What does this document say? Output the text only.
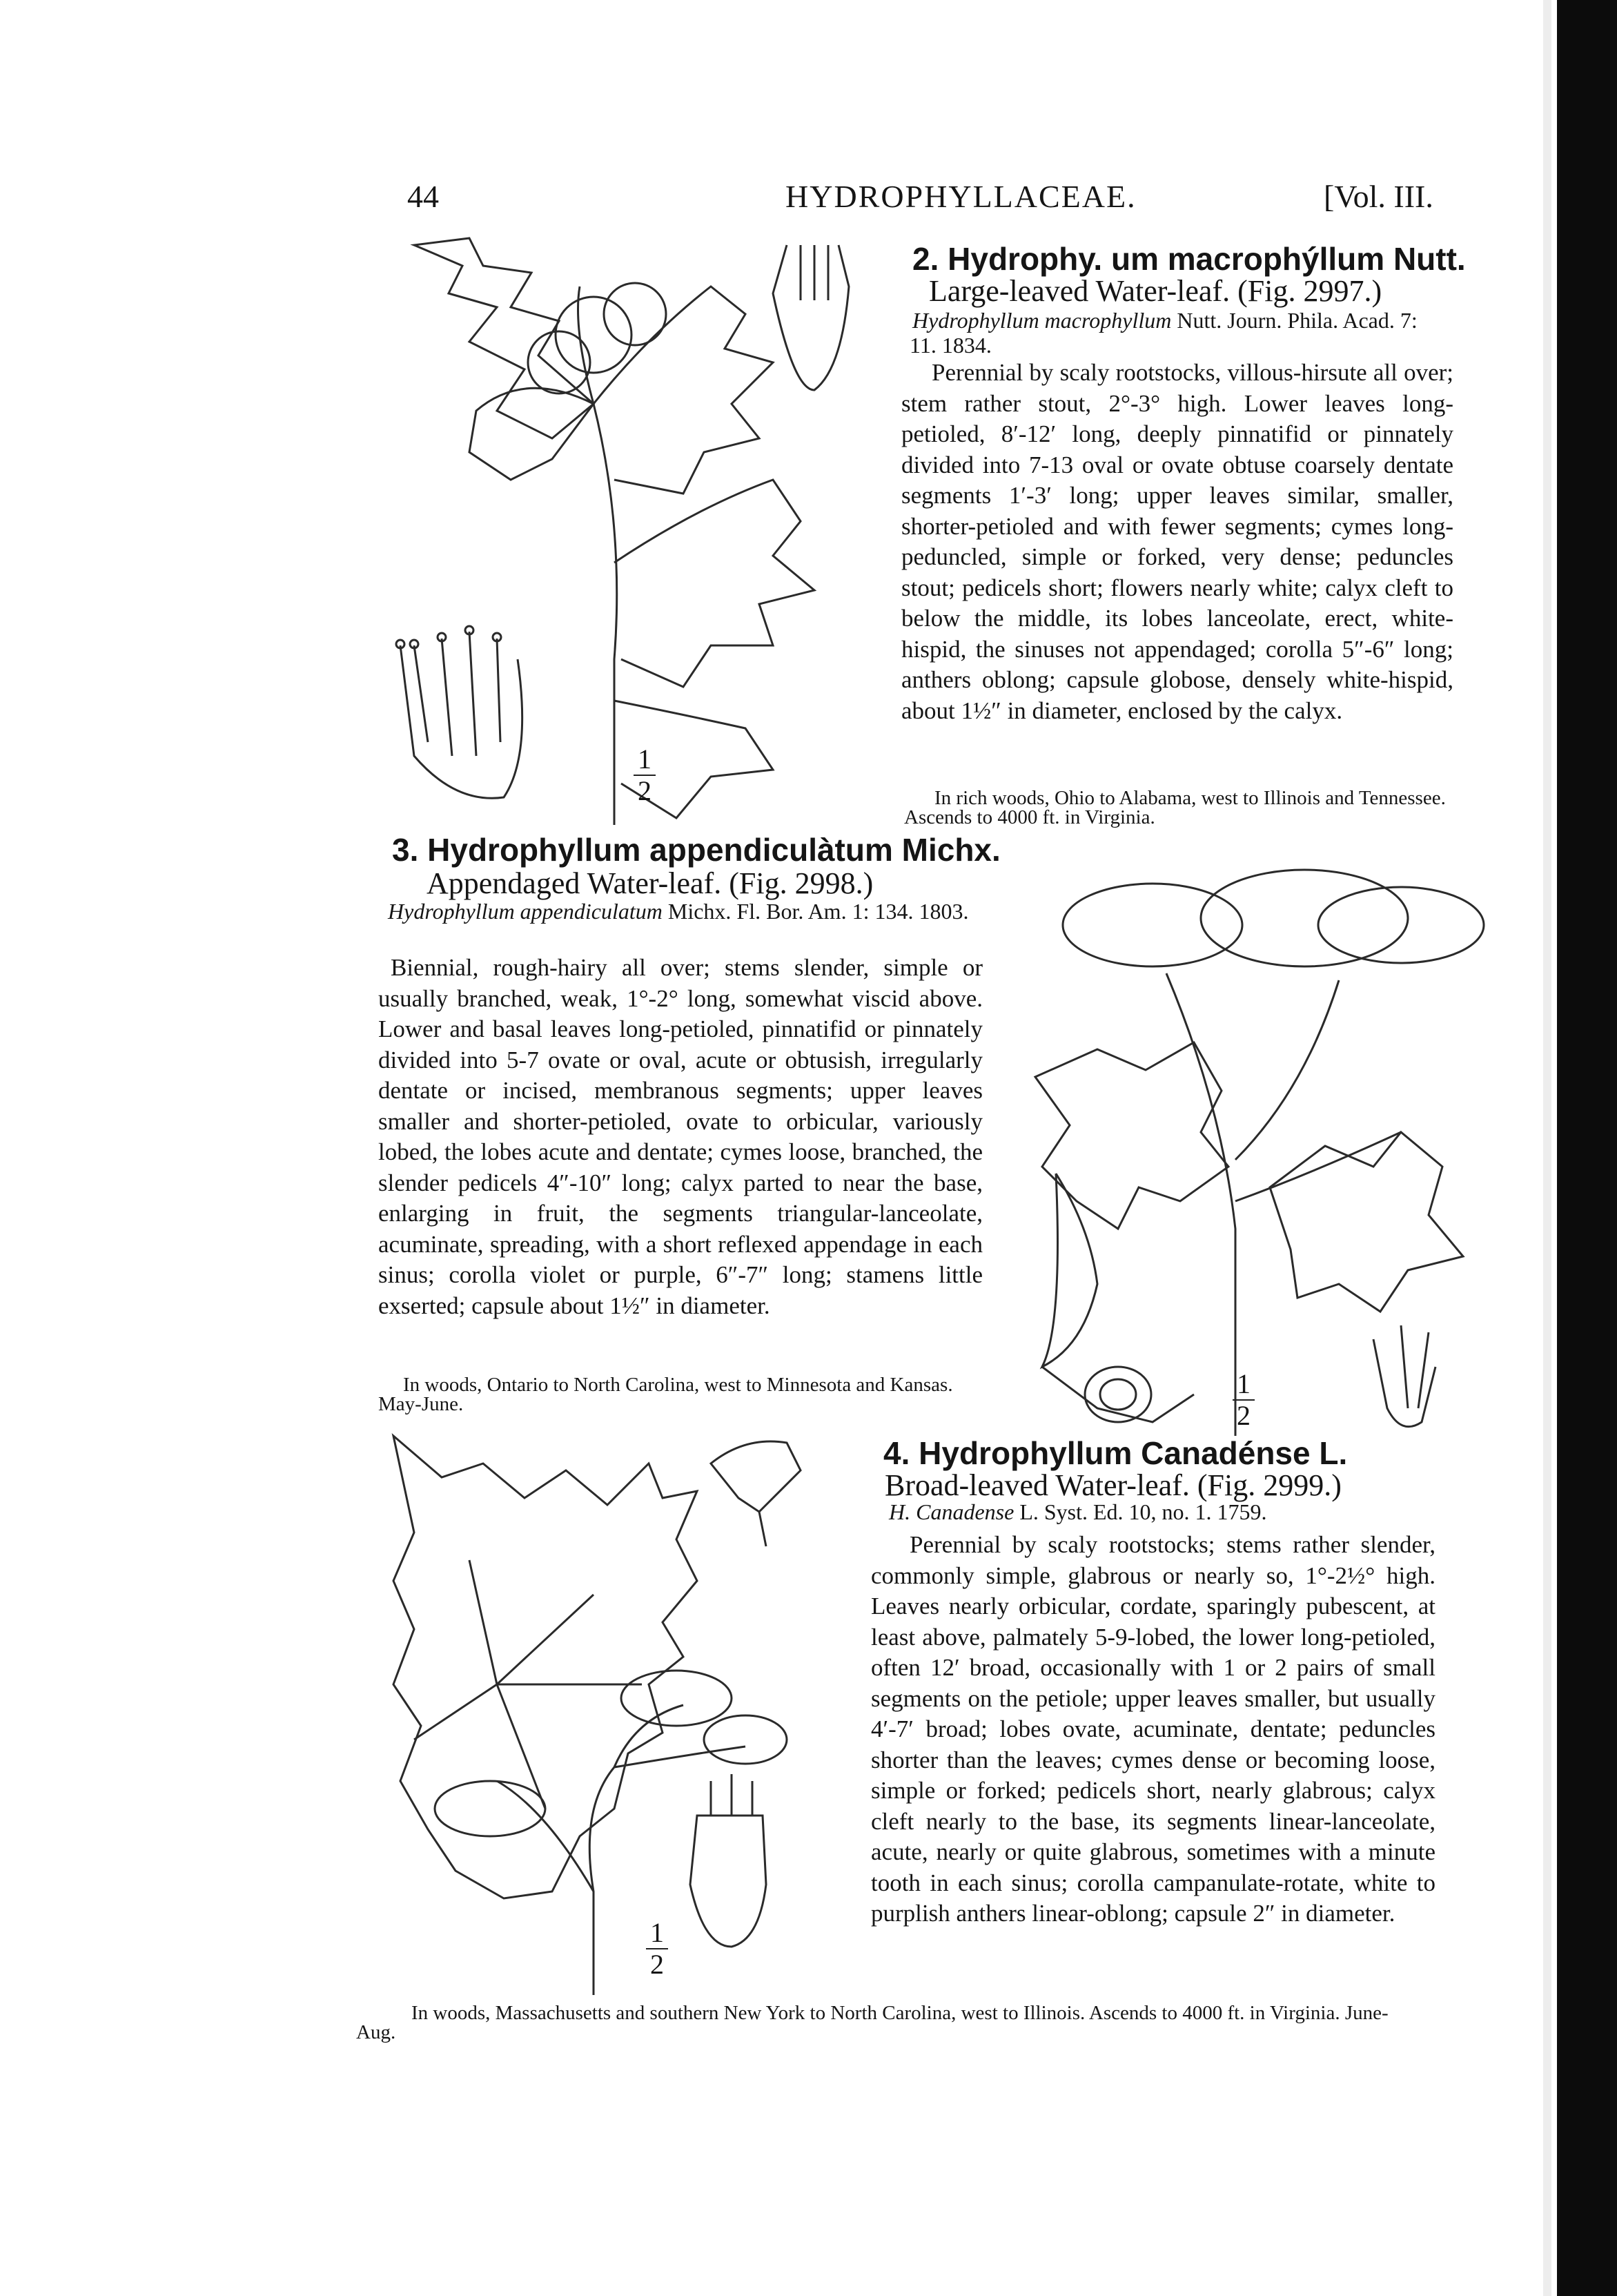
44	HYDROPHYLLACEAE.	[Vol. III.
1
2
2. Hydrophy. um macrophýllum Nutt.
Large-leaved Water-leaf. (Fig. 2997.)
Hydrophyllum macrophyllum Nutt. Journ. Phila. Acad. 7: 11. 1834.
Perennial by scaly rootstocks, villous-hirsute all over; stem rather stout, 2°-3° high. Lower leaves long-petioled, 8′-12′ long, deeply pinnatifid or pinnately divided into 7-13 oval or ovate obtuse coarsely dentate segments 1′-3′ long; upper leaves similar, smaller, shorter-petioled and with fewer segments; cymes long-peduncled, simple or forked, very dense; peduncles stout; pedicels short; flowers nearly white; calyx cleft to below the middle, its lobes lanceolate, erect, white-hispid, the sinuses not appendaged; corolla 5″-6″ long; anthers oblong; capsule globose, densely white-hispid, about 1½″ in diameter, enclosed by the calyx.
In rich woods, Ohio to Alabama, west to Illinois and Tennessee. Ascends to 4000 ft. in Virginia.
3. Hydrophyllum appendiculàtum Michx.
Appendaged Water-leaf. (Fig. 2998.)
Hydrophyllum appendiculatum Michx. Fl. Bor. Am. 1: 134. 1803.
Biennial, rough-hairy all over; stems slender, simple or usually branched, weak, 1°-2° long, somewhat viscid above. Lower and basal leaves long-petioled, pinnatifid or pinnately divided into 5-7 ovate or oval, acute or obtusish, irregularly dentate or incised, membranous segments; upper leaves smaller and shorter-petioled, ovate to orbicular, variously lobed, the lobes acute and dentate; cymes loose, branched, the slender pedicels 4″-10″ long; calyx parted to near the base, enlarging in fruit, the segments triangular-lanceolate, acuminate, spreading, with a short reflexed appendage in each sinus; corolla violet or purple, 6″-7″ long; stamens little exserted; capsule about 1½″ in diameter.
In woods, Ontario to North Carolina, west to Minnesota and Kansas. May-June.
1
2
1
2
4. Hydrophyllum Canadénse L.
Broad-leaved Water-leaf. (Fig. 2999.)
H. Canadense L. Syst. Ed. 10, no. 1. 1759.
Perennial by scaly rootstocks; stems rather slender, commonly simple, glabrous or nearly so, 1°-2½° high. Leaves nearly orbicular, cordate, sparingly pubescent, at least above, palmately 5-9-lobed, the lower long-petioled, often 12′ broad, occasionally with 1 or 2 pairs of small segments on the petiole; upper leaves smaller, but usually 4′-7′ broad; lobes ovate, acuminate, dentate; peduncles shorter than the leaves; cymes dense or becoming loose, simple or forked; pedicels short, nearly glabrous; calyx cleft nearly to the base, its segments linear-lanceolate, acute, nearly or quite glabrous, sometimes with a minute tooth in each sinus; corolla campanulate-rotate, white to purplish anthers linear-oblong; capsule 2″ in diameter.
In woods, Massachusetts and southern New York to North Carolina, west to Illinois. Ascends to 4000 ft. in Virginia. June-Aug.
